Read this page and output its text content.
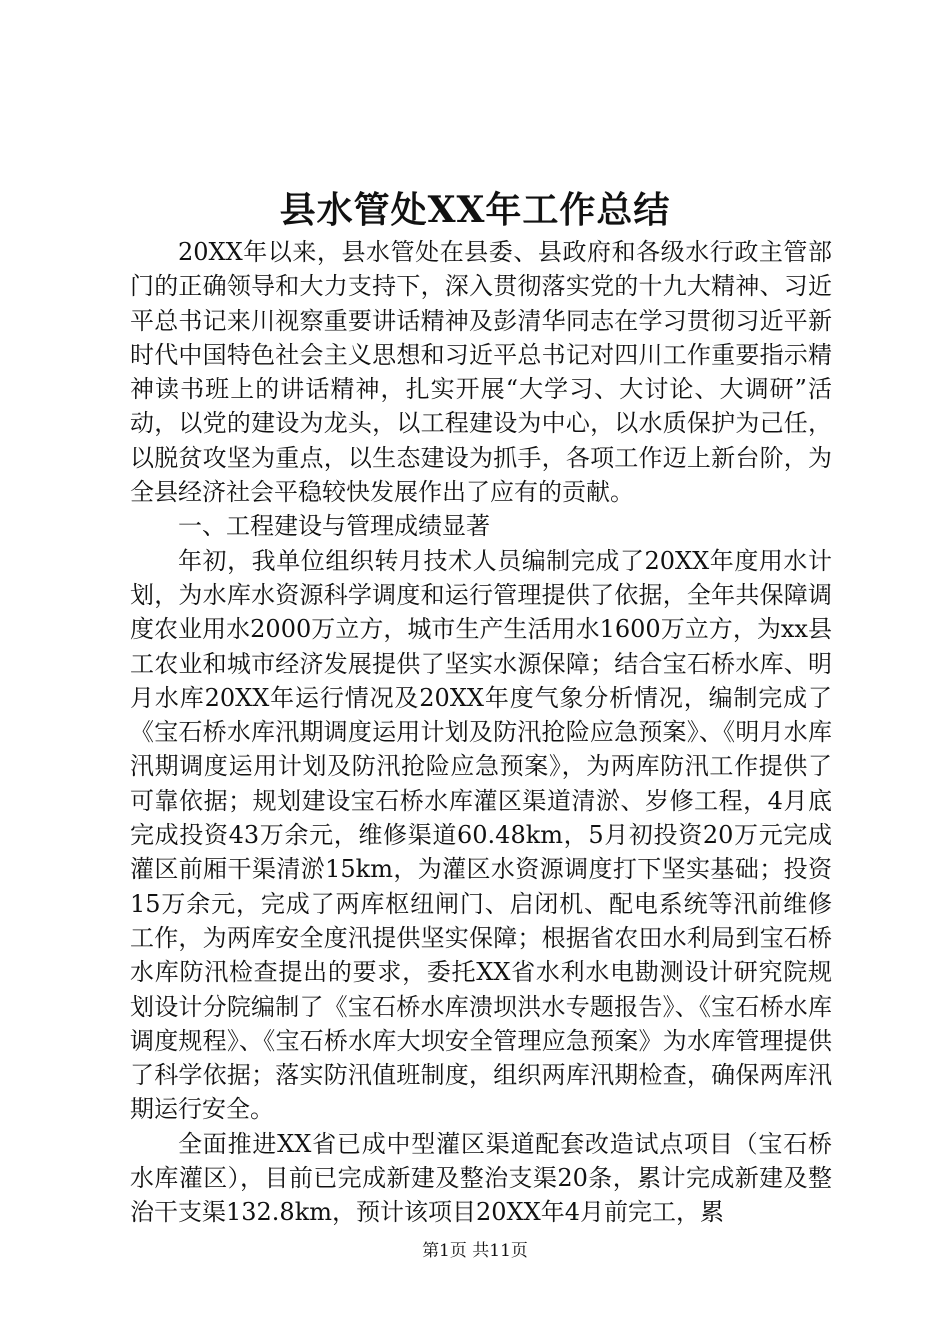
县水管处XX年工作总结

20XX年以来，县水管处在县委、县政府和各级水行政主管部门的正确领导和大力支持下，深入贯彻落实党的十九大精神、习近平总书记来川视察重要讲话精神及彭清华同志在学习贯彻习近平新时代中国特色社会主义思想和习近平总书记对四川工作重要指示精神读书班上的讲话精神，扎实开展“大学习、大讨论、大调研”活动，以党的建设为龙头，以工程建设为中心，以水质保护为己任，以脱贫攻坚为重点，以生态建设为抓手，各项工作迈上新台阶，为全县经济社会平稳较快发展作出了应有的贡献。

一、工程建设与管理成绩显著

年初，我单位组织转月技术人员编制完成了20XX年度用水计划，为水库水资源科学调度和运行管理提供了依据，全年共保障调度农业用水2000万立方，城市生产生活用水1600万立方，为xx县工农业和城市经济发展提供了坚实水源保障；结合宝石桥水库、明月水库20XX年运行情况及20XX年度气象分析情况，编制完成了《宝石桥水库汛期调度运用计划及防汛抢险应急预案》、《明月水库汛期调度运用计划及防汛抢险应急预案》，为两库防汛工作提供了可靠依据；规划建设宝石桥水库灌区渠道清淤、岁修工程，4月底完成投资43万余元，维修渠道60.48km，5月初投资20万元完成灌区前厢干渠清淤15km，为灌区水资源调度打下坚实基础；投资15万余元，完成了两库枢纽闸门、启闭机、配电系统等汛前维修工作，为两库安全度汛提供坚实保障；根据省农田水利局到宝石桥水库防汛检查提出的要求，委托XX省水利水电勘测设计研究院规划设计分院编制了《宝石桥水库溃坝洪水专题报告》、《宝石桥水库调度规程》、《宝石桥水库大坝安全管理应急预案》为水库管理提供了科学依据；落实防汛值班制度，组织两库汛期检查，确保两库汛期运行安全。

全面推进XX省已成中型灌区渠道配套改造试点项目（宝石桥水库灌区），目前已完成新建及整治支渠20条，累计完成新建及整治干支渠132.8km，预计该项目20XX年4月前完工，累

第1页 共11页
